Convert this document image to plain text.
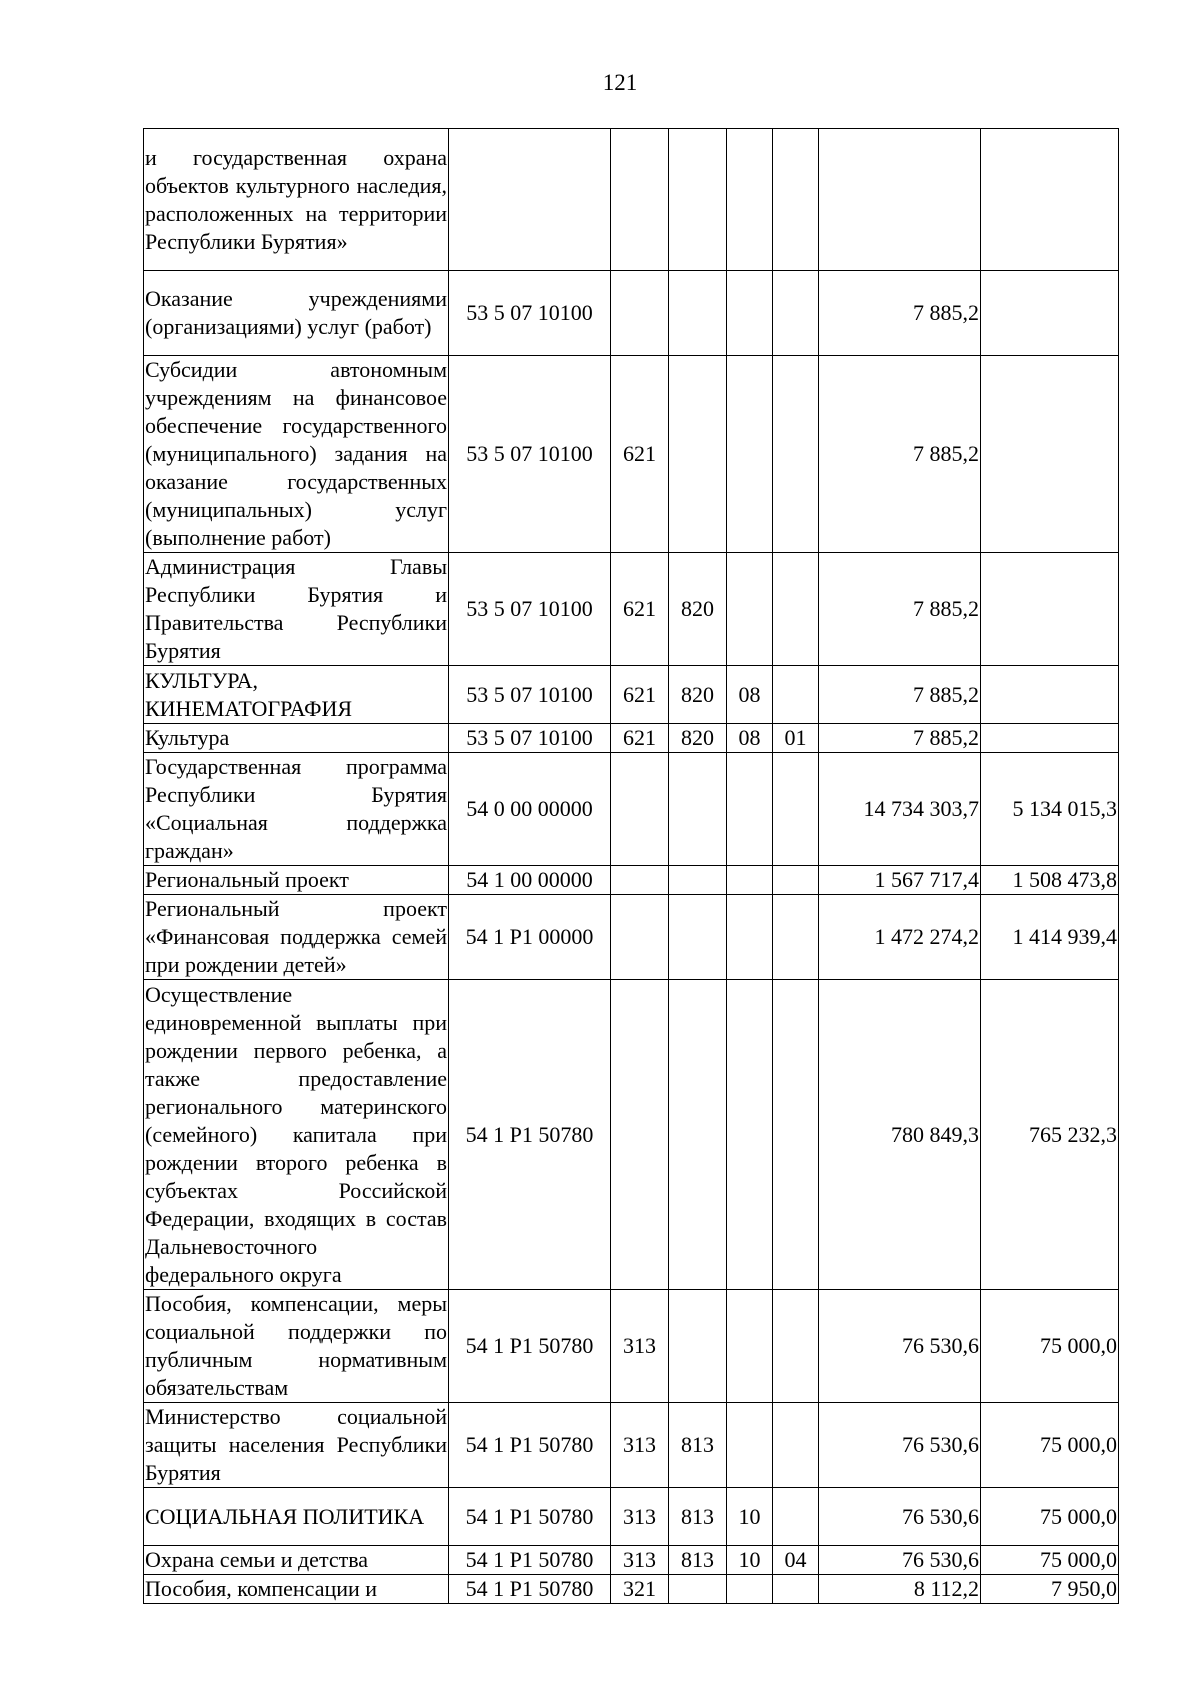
121
и государственная охрана объектов культурного наследия, расположенных на территории Республики Бурятия»							
Оказание учреждениями (организациями) услуг (работ)	53 5 07 10100					7 885,2	
Субсидии автономным учреждениям на финансовое обеспечение государственного (муниципального) задания на оказание государственных (муниципальных) услуг (выполнение работ)	53 5 07 10100	621				7 885,2	
Администрация Главы Республики Бурятия и Правительства Республики Бурятия	53 5 07 10100	621	820			7 885,2	
КУЛЬТУРА, КИНЕМАТОГРАФИЯ	53 5 07 10100	621	820	08		7 885,2	
Культура	53 5 07 10100	621	820	08	01	7 885,2	
Государственная программа Республики Бурятия «Социальная поддержка граждан»	54 0 00 00000					14 734 303,7	5 134 015,3
Региональный проект	54 1 00 00000					1 567 717,4	1 508 473,8
Региональный проект «Финансовая поддержка семей при рождении детей»	54 1 P1 00000					1 472 274,2	1 414 939,4
Осуществление единовременной выплаты при рождении первого ребенка, а также предоставление регионального материнского (семейного) капитала при рождении второго ребенка в субъектах Российской Федерации, входящих в состав Дальневосточного федерального округа	54 1 P1 50780					780 849,3	765 232,3
Пособия, компенсации, меры социальной поддержки по публичным нормативным обязательствам	54 1 P1 50780	313				76 530,6	75 000,0
Министерство социальной защиты населения Республики Бурятия	54 1 P1 50780	313	813			76 530,6	75 000,0
СОЦИАЛЬНАЯ ПОЛИТИКА	54 1 P1 50780	313	813	10		76 530,6	75 000,0
Охрана семьи и детства	54 1 P1 50780	313	813	10	04	76 530,6	75 000,0
Пособия, компенсации и	54 1 P1 50780	321				8 112,2	7 950,0
